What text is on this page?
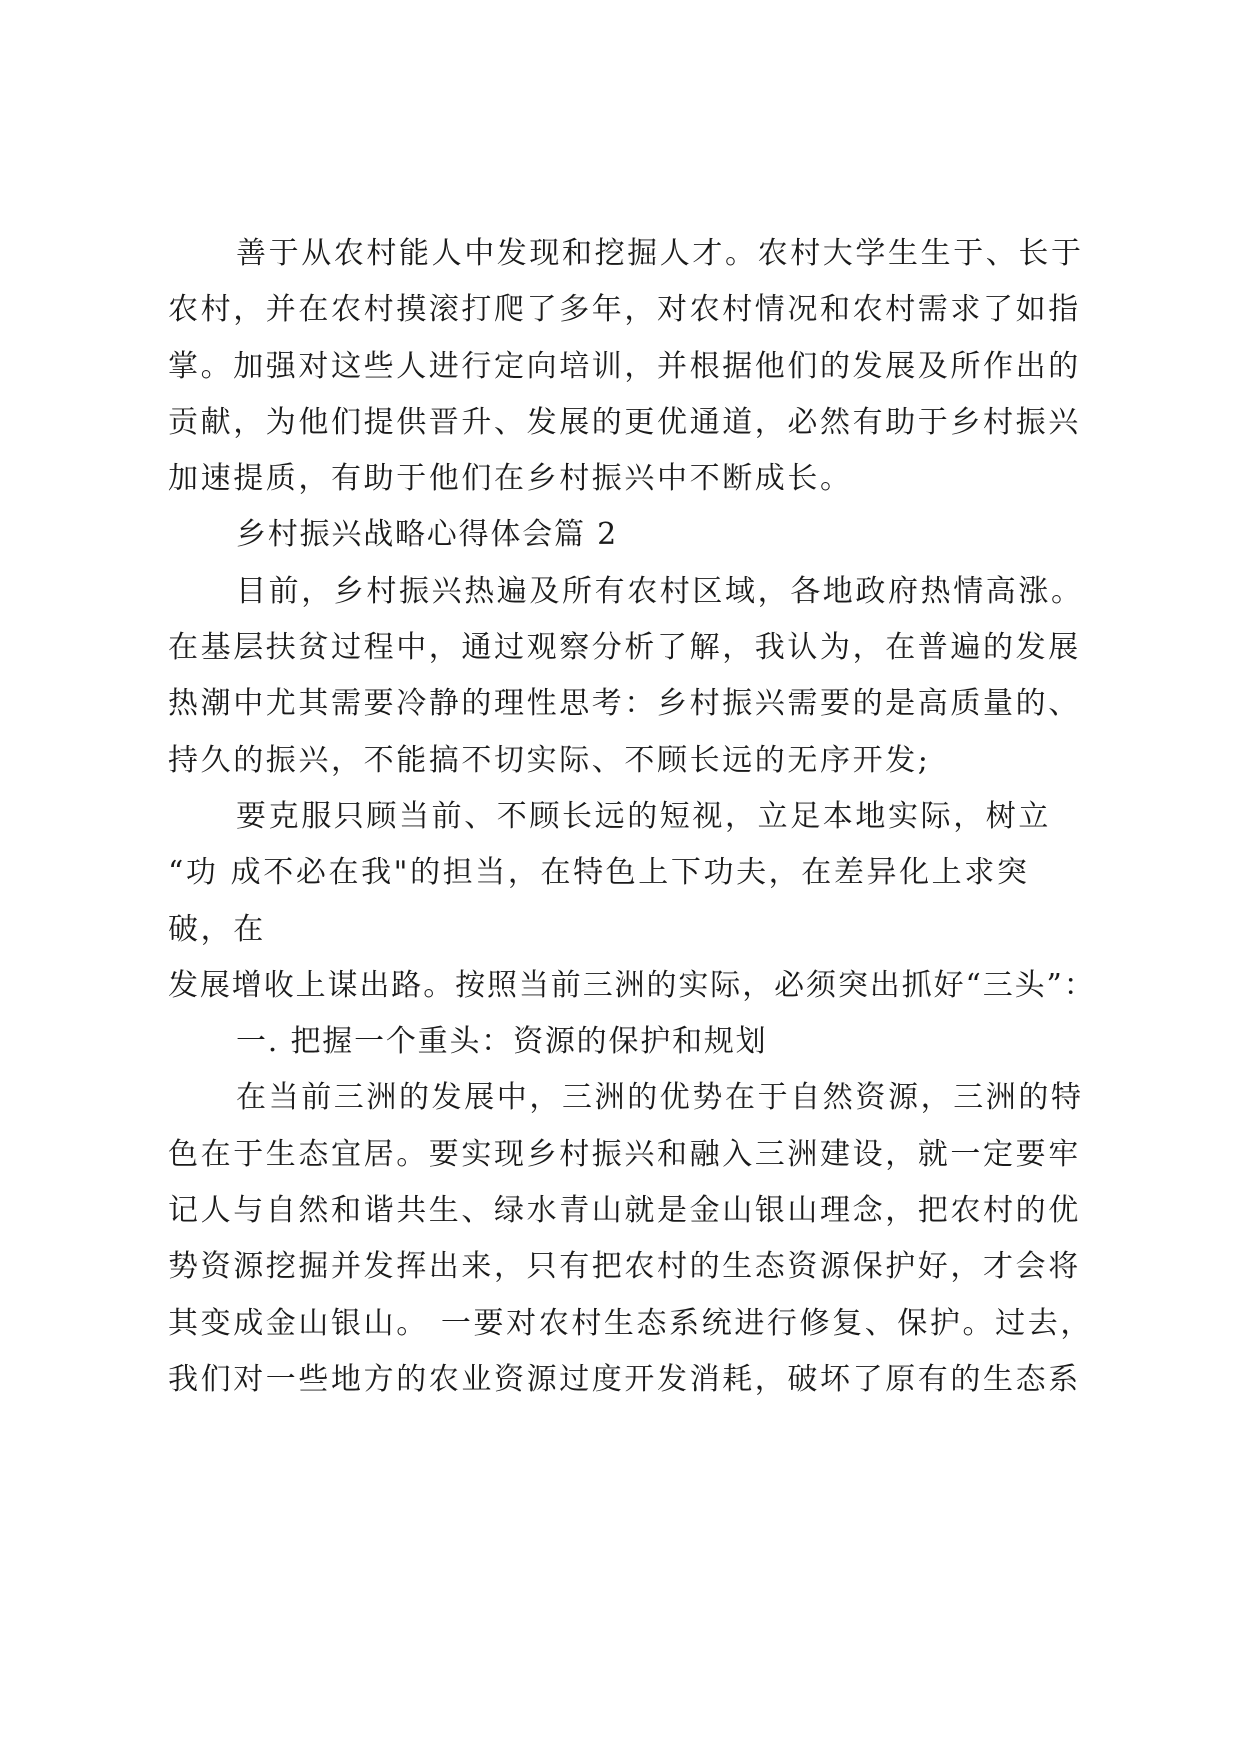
善于从农村能人中发现和挖掘人才。农村大学生生于、长于
农村，并在农村摸滚打爬了多年，对农村情况和农村需求了如指
掌。加强对这些人进行定向培训，并根据他们的发展及所作出的
贡献，为他们提供晋升、发展的更优通道，必然有助于乡村振兴
加速提质，有助于他们在乡村振兴中不断成长。
乡村振兴战略心得体会篇 2
目前，乡村振兴热遍及所有农村区域，各地政府热情高涨。
在基层扶贫过程中，通过观察分析了解，我认为，在普遍的发展
热潮中尤其需要冷静的理性思考：乡村振兴需要的是高质量的、
持久的振兴，不能搞不切实际、不顾长远的无序开发;
要克服只顾当前、不顾长远的短视，立足本地实际，树立
“功 成不必在我"的担当，在特色上下功夫，在差异化上求突
破，在
发展增收上谋出路。按照当前三洲的实际，必须突出抓好“三头”：
一. 把握一个重头：资源的保护和规划
在当前三洲的发展中，三洲的优势在于自然资源，三洲的特
色在于生态宜居。要实现乡村振兴和融入三洲建设，就一定要牢
记人与自然和谐共生、绿水青山就是金山银山理念，把农村的优
势资源挖掘并发挥出来，只有把农村的生态资源保护好，才会将
其变成金山银山。 一要对农村生态系统进行修复、保护。过去，
我们对一些地方的农业资源过度开发消耗，破坏了原有的生态系
